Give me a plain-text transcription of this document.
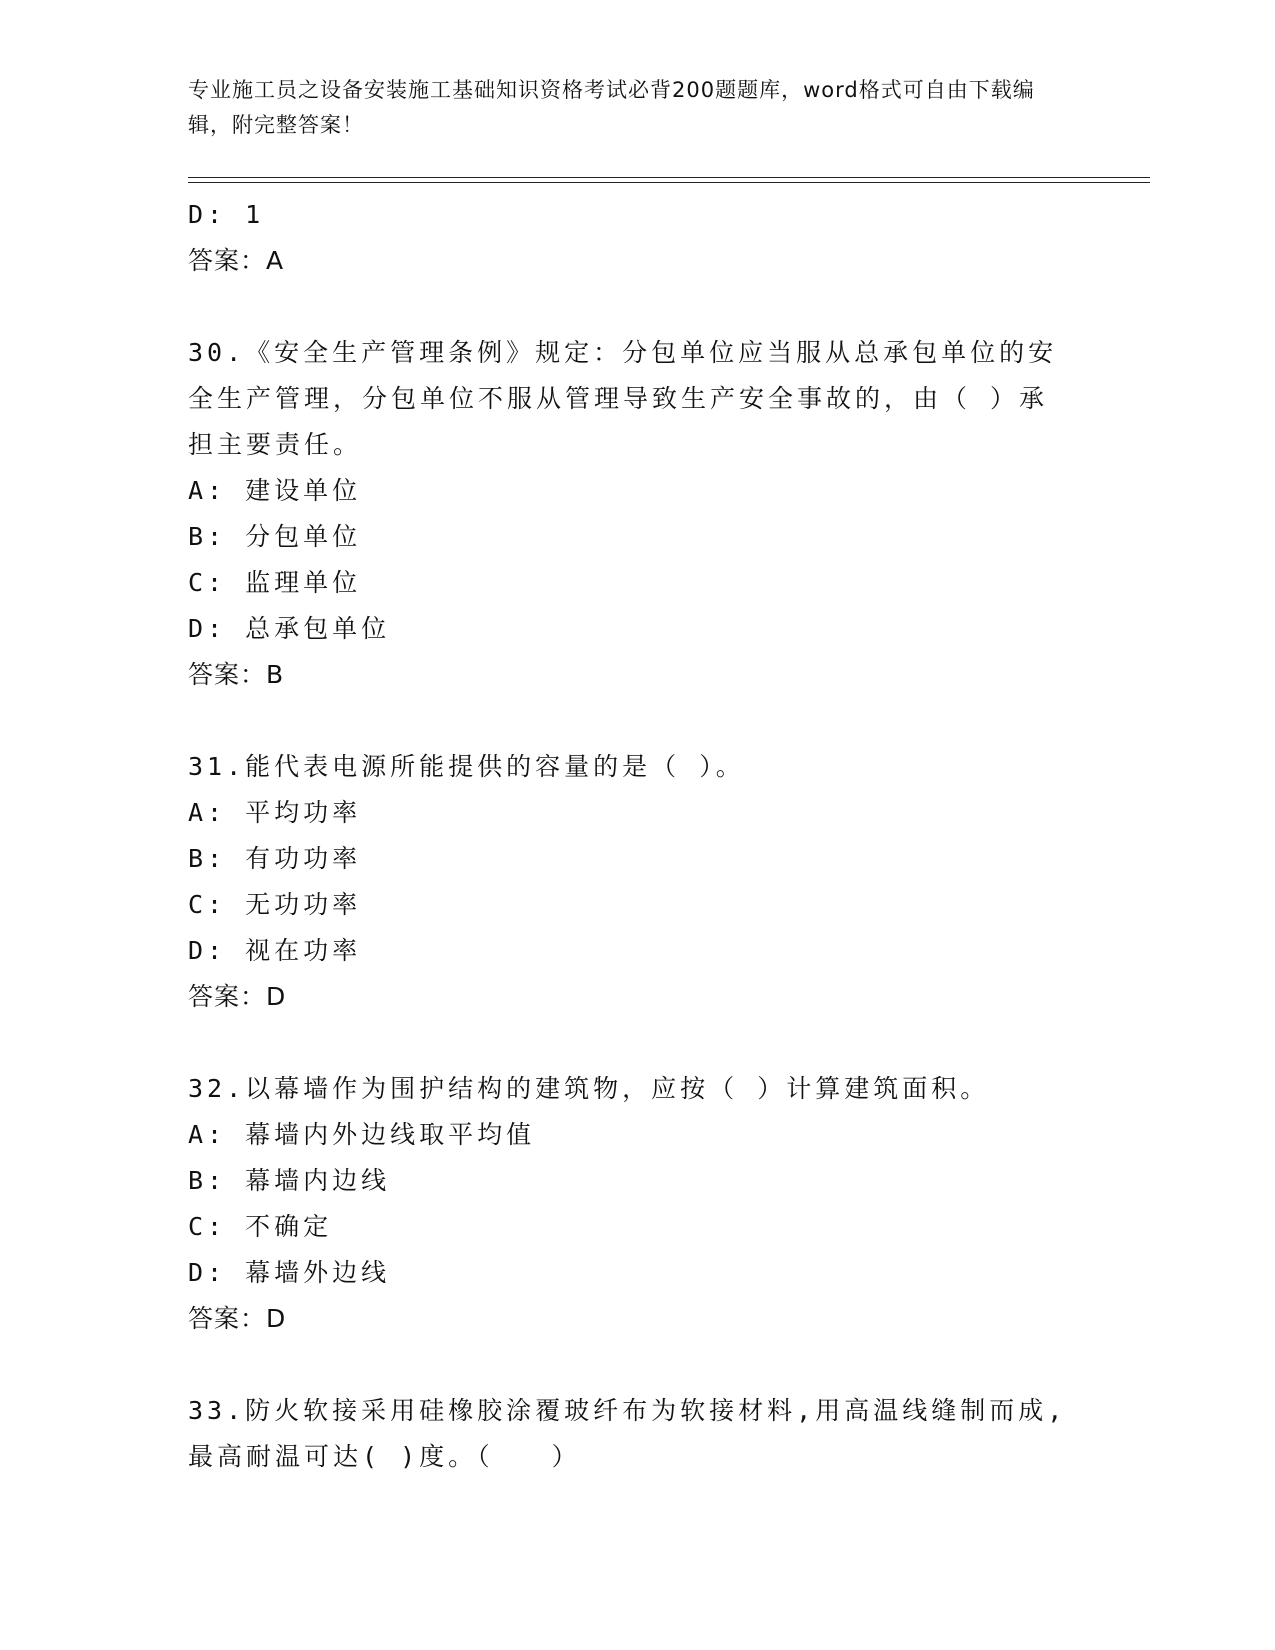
专业施工员之设备安装施工基础知识资格考试必背200题题库，word格式可自由下载编辑，附完整答案！
D: 1
答案：A
30.《安全生产管理条例》规定：分包单位应当服从总承包单位的安全生产管理，分包单位不服从管理导致生产安全事故的，由（ ）承担主要责任。
A: 建设单位
B: 分包单位
C: 监理单位
D: 总承包单位
答案：B
31.能代表电源所能提供的容量的是（ ）。
A: 平均功率
B: 有功功率
C: 无功功率
D: 视在功率
答案：D
32.以幕墙作为围护结构的建筑物，应按（ ）计算建筑面积。
A: 幕墙内外边线取平均值
B: 幕墙内边线
C: 不确定
D: 幕墙外边线
答案：D
33.防火软接采用硅橡胶涂覆玻纤布为软接材料,用高温线缝制而成,最高耐温可达( )度。（　　）
